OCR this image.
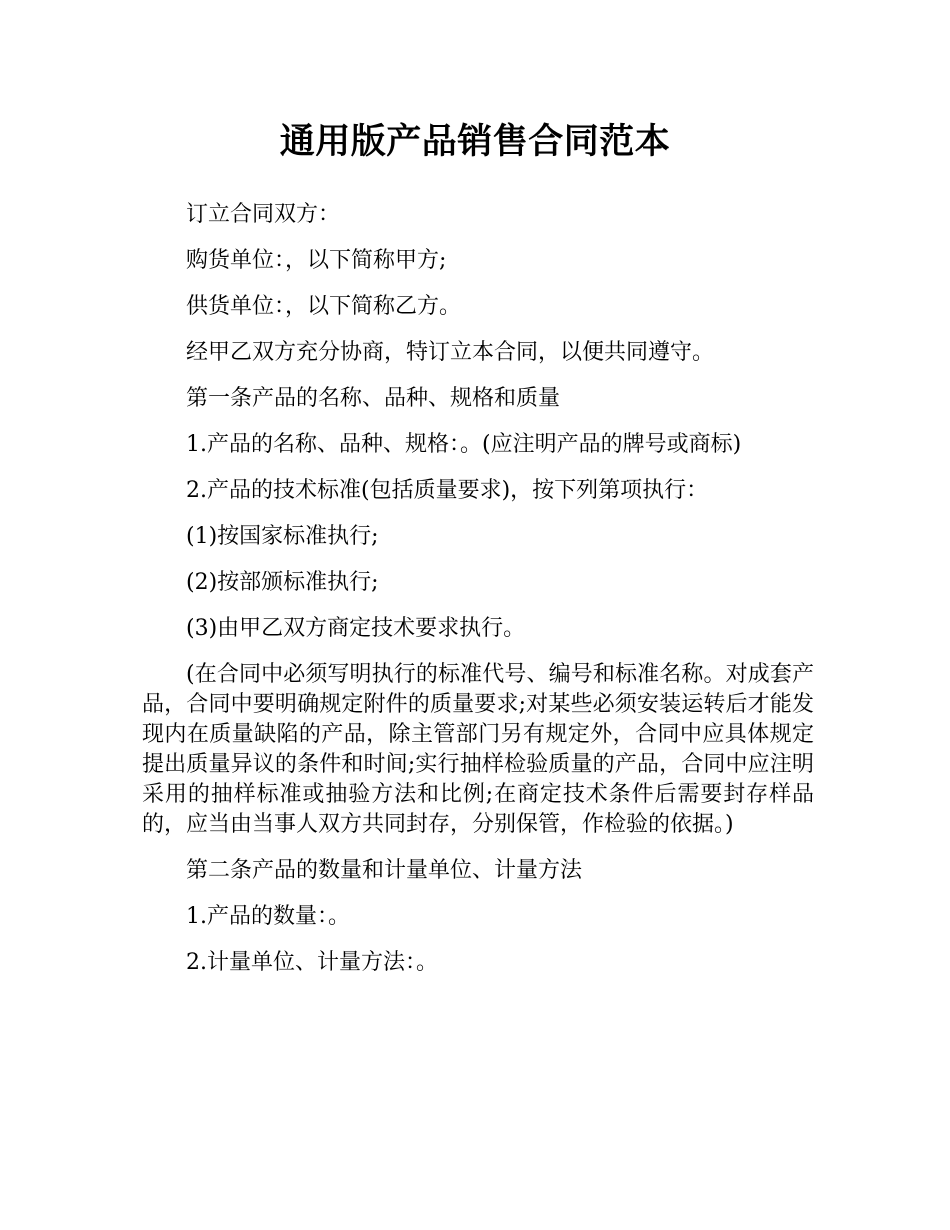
通用版产品销售合同范本

订立合同双方：

购货单位：，以下简称甲方;

供货单位：，以下简称乙方。

经甲乙双方充分协商，特订立本合同，以便共同遵守。

第一条产品的名称、品种、规格和质量

1.产品的名称、品种、规格：。(应注明产品的牌号或商标)

2.产品的技术标准(包括质量要求)，按下列第项执行：

(1)按国家标准执行;

(2)按部颁标准执行;

(3)由甲乙双方商定技术要求执行。

(在合同中必须写明执行的标准代号、编号和标准名称。对成套产品，合同中要明确规定附件的质量要求;对某些必须安装运转后才能发现内在质量缺陷的产品，除主管部门另有规定外，合同中应具体规定提出质量异议的条件和时间;实行抽样检验质量的产品，合同中应注明采用的抽样标准或抽验方法和比例;在商定技术条件后需要封存样品的，应当由当事人双方共同封存，分别保管，作检验的依据。)

第二条产品的数量和计量单位、计量方法

1.产品的数量：。

2.计量单位、计量方法：。
